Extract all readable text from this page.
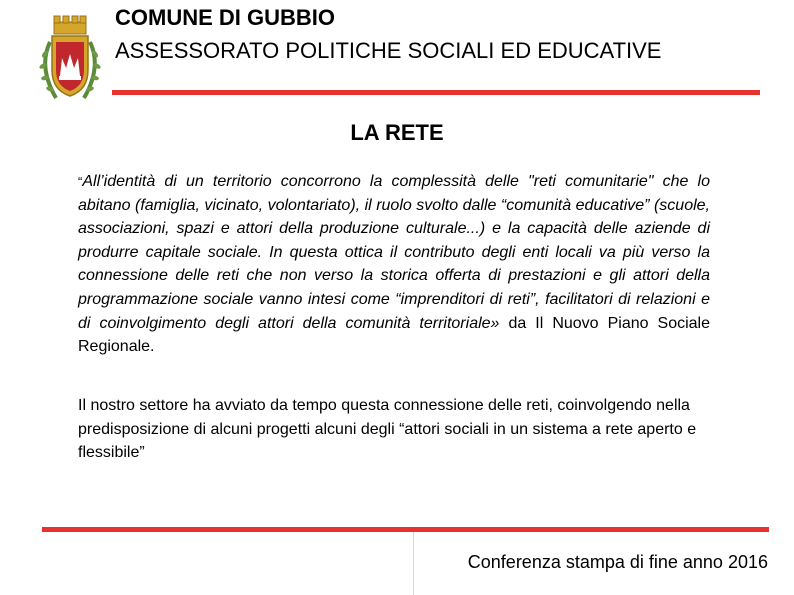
COMUNE DI GUBBIO
ASSESSORATO POLITICHE SOCIALI ED EDUCATIVE
LA RETE
“All’identità di un territorio concorrono la complessità delle "reti comunitarie" che lo abitano (famiglia, vicinato, volontariato), il ruolo svolto dalle “comunità educative” (scuole, associazioni, spazi e attori della produzione culturale...) e la capacità delle aziende di produrre capitale sociale. In questa ottica il contributo degli enti locali va più verso la connessione delle reti che non verso la storica offerta di prestazioni e gli attori della programmazione sociale vanno intesi come “imprenditori di reti”, facilitatori di relazioni e di coinvolgimento degli attori della comunità territoriale» da Il Nuovo Piano Sociale Regionale.
Il nostro settore ha avviato da tempo questa connessione delle reti, coinvolgendo nella predisposizione di alcuni progetti alcuni degli “attori sociali in un sistema a rete aperto e flessibile”
Conferenza stampa di fine anno 2016
